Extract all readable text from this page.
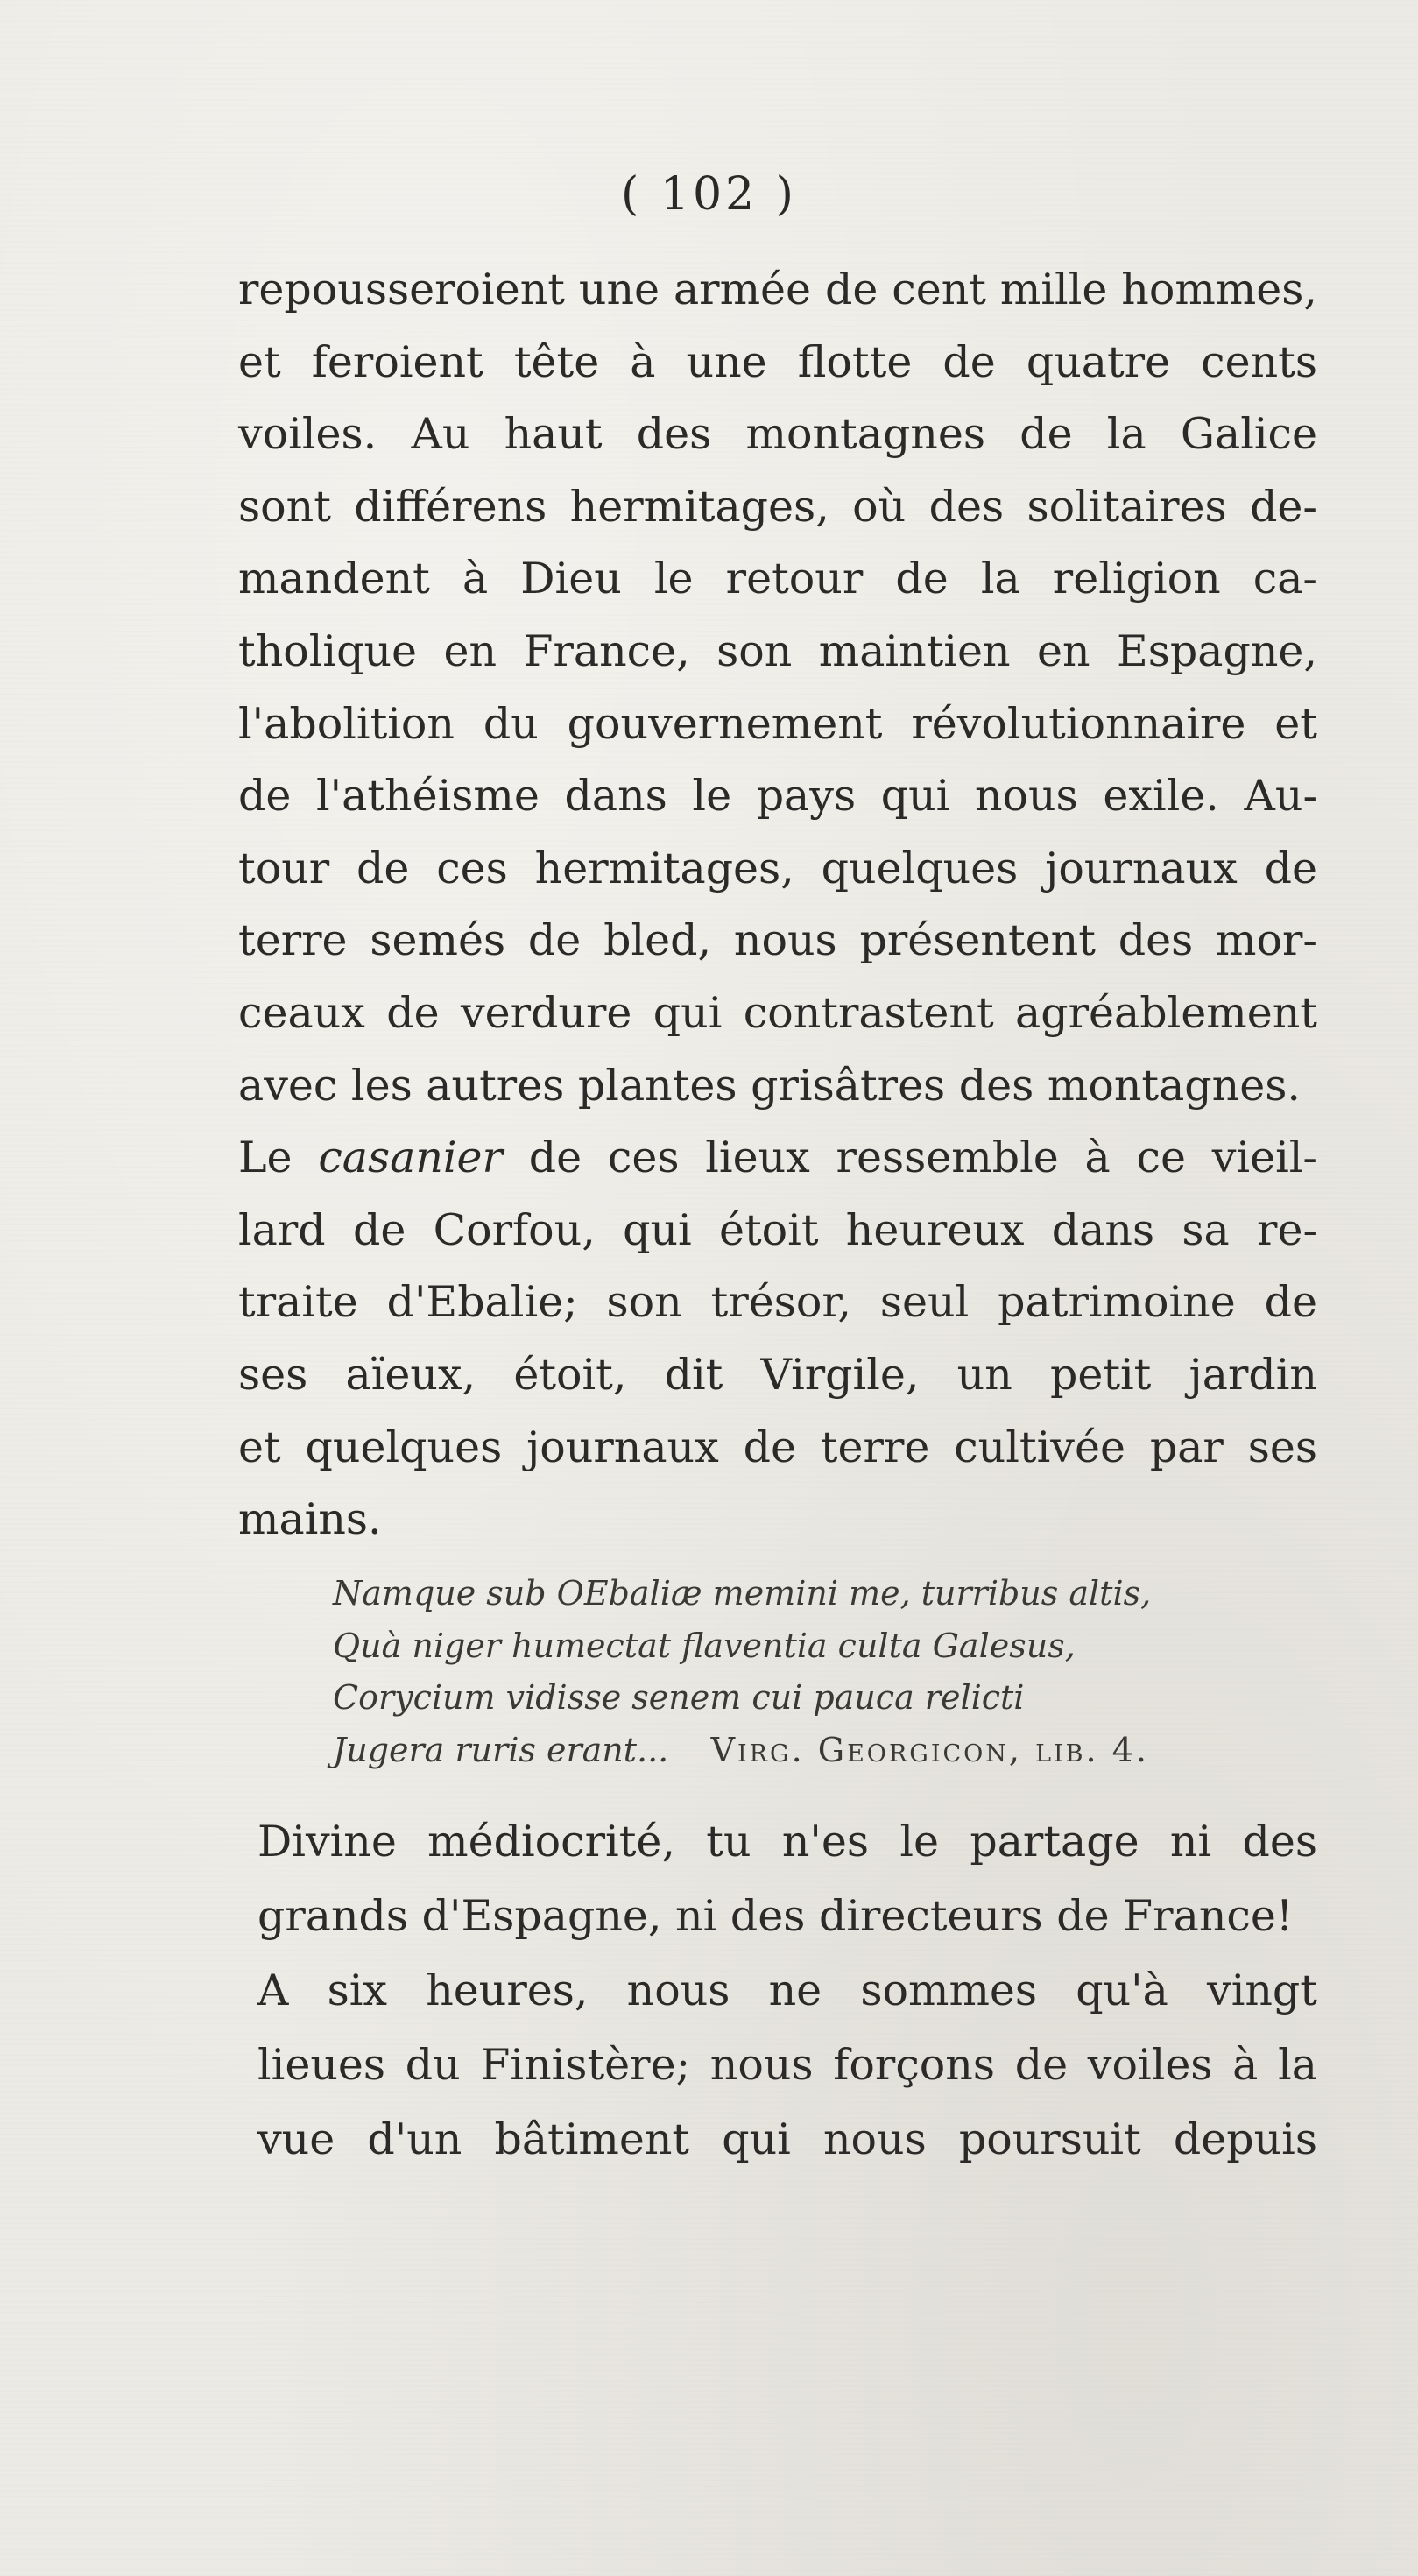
( 102 )
repousseroient une armée de cent mille hommes,
et feroient tête à une flotte de quatre cents
voiles. Au haut des montagnes de la Galice
sont différens hermitages, où des solitaires de-
mandent à Dieu le retour de la religion ca-
tholique en France, son maintien en Espagne,
l'abolition du gouvernement révolutionnaire et
de l'athéisme dans le pays qui nous exile. Au-
tour de ces hermitages, quelques journaux de
terre semés de bled, nous présentent des mor-
ceaux de verdure qui contrastent agréablement
avec les autres plantes grisâtres des montagnes.
Le casanier de ces lieux ressemble à ce vieil-
lard de Corfou, qui étoit heureux dans sa re-
traite d'Ebalie; son trésor, seul patrimoine de
ses aïeux, étoit, dit Virgile, un petit jardin
et quelques journaux de terre cultivée par ses
mains.
Namque sub OEbaliæ memini me, turribus altis,
Quà niger humectat flaventia culta Galesus,
Corycium vidisse senem cui pauca relicti
Jugera ruris erant... Virg. Georgicon, lib. 4.
Divine médiocrité, tu n'es le partage ni des
grands d'Espagne, ni des directeurs de France!
A six heures, nous ne sommes qu'à vingt
lieues du Finistère; nous forçons de voiles à la
vue d'un bâtiment qui nous poursuit depuis
